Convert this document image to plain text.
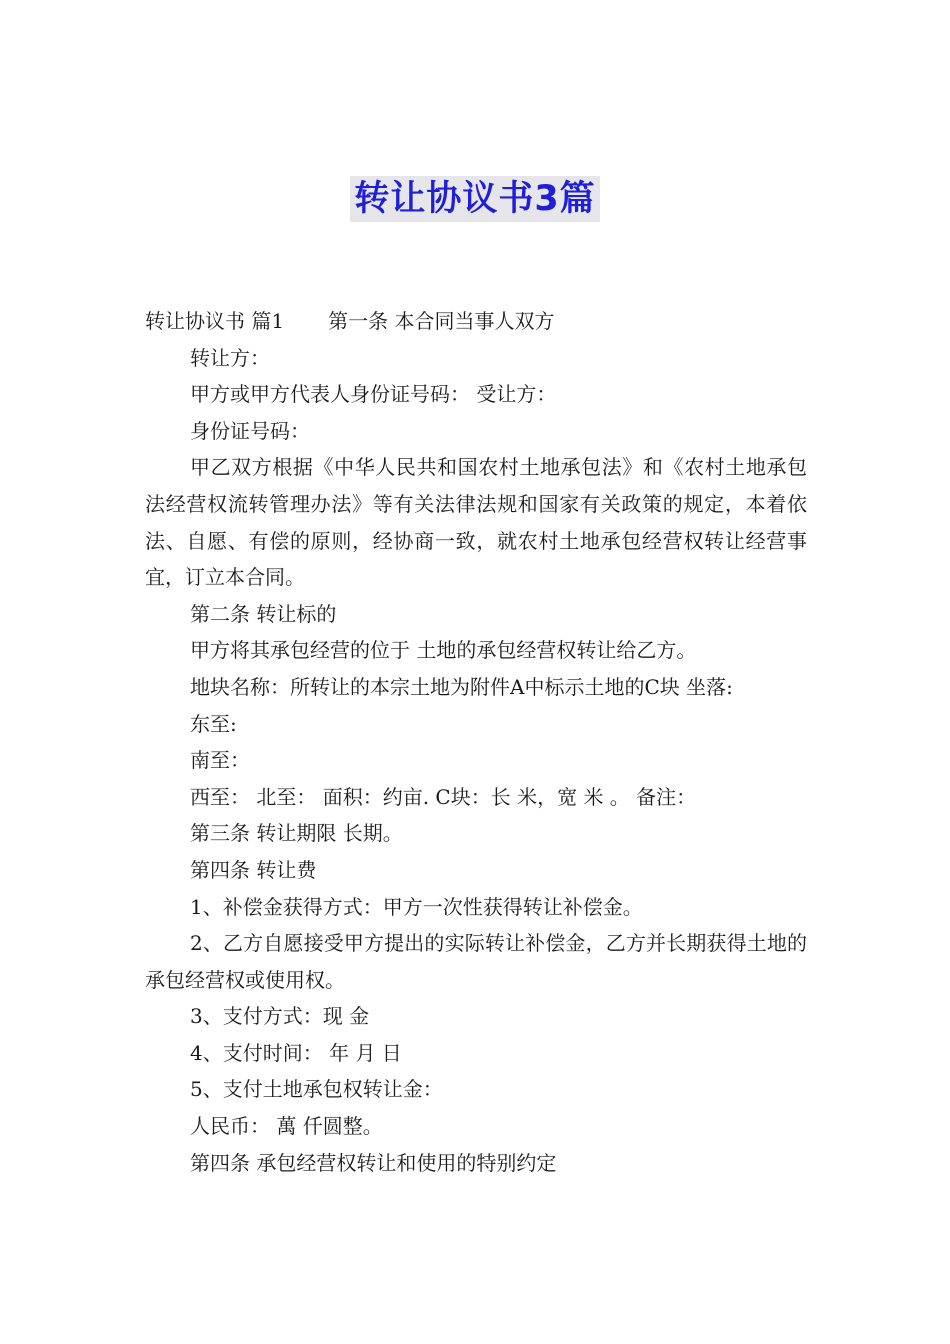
转让协议书3篇
转让协议书 篇1 第一条 本合同当事人双方
转让方：
甲方或甲方代表人身份证号码： 受让方：
身份证号码：
甲乙双方根据《中华人民共和国农村土地承包法》和《农村土地承包法经营权流转管理办法》等有关法律法规和国家有关政策的规定，本着依法、自愿、有偿的原则，经协商一致，就农村土地承包经营权转让经营事宜，订立本合同。
第二条 转让标的
甲方将其承包经营的位于 土地的承包经营权转让给乙方。
地块名称：所转让的本宗土地为附件A中标示土地的C块 坐落:
东至:
南至：
西至： 北至： 面积：约亩. C块：长 米，宽 米 。 备注：
第三条 转让期限 长期。
第四条 转让费
1、补偿金获得方式：甲方一次性获得转让补偿金。
2、乙方自愿接受甲方提出的实际转让补偿金，乙方并长期获得土地的承包经营权或使用权。
3、支付方式：现 金
4、支付时间： 年 月 日
5、支付土地承包权转让金：
人民币： 萬 仟圆整。
第四条 承包经营权转让和使用的特别约定
